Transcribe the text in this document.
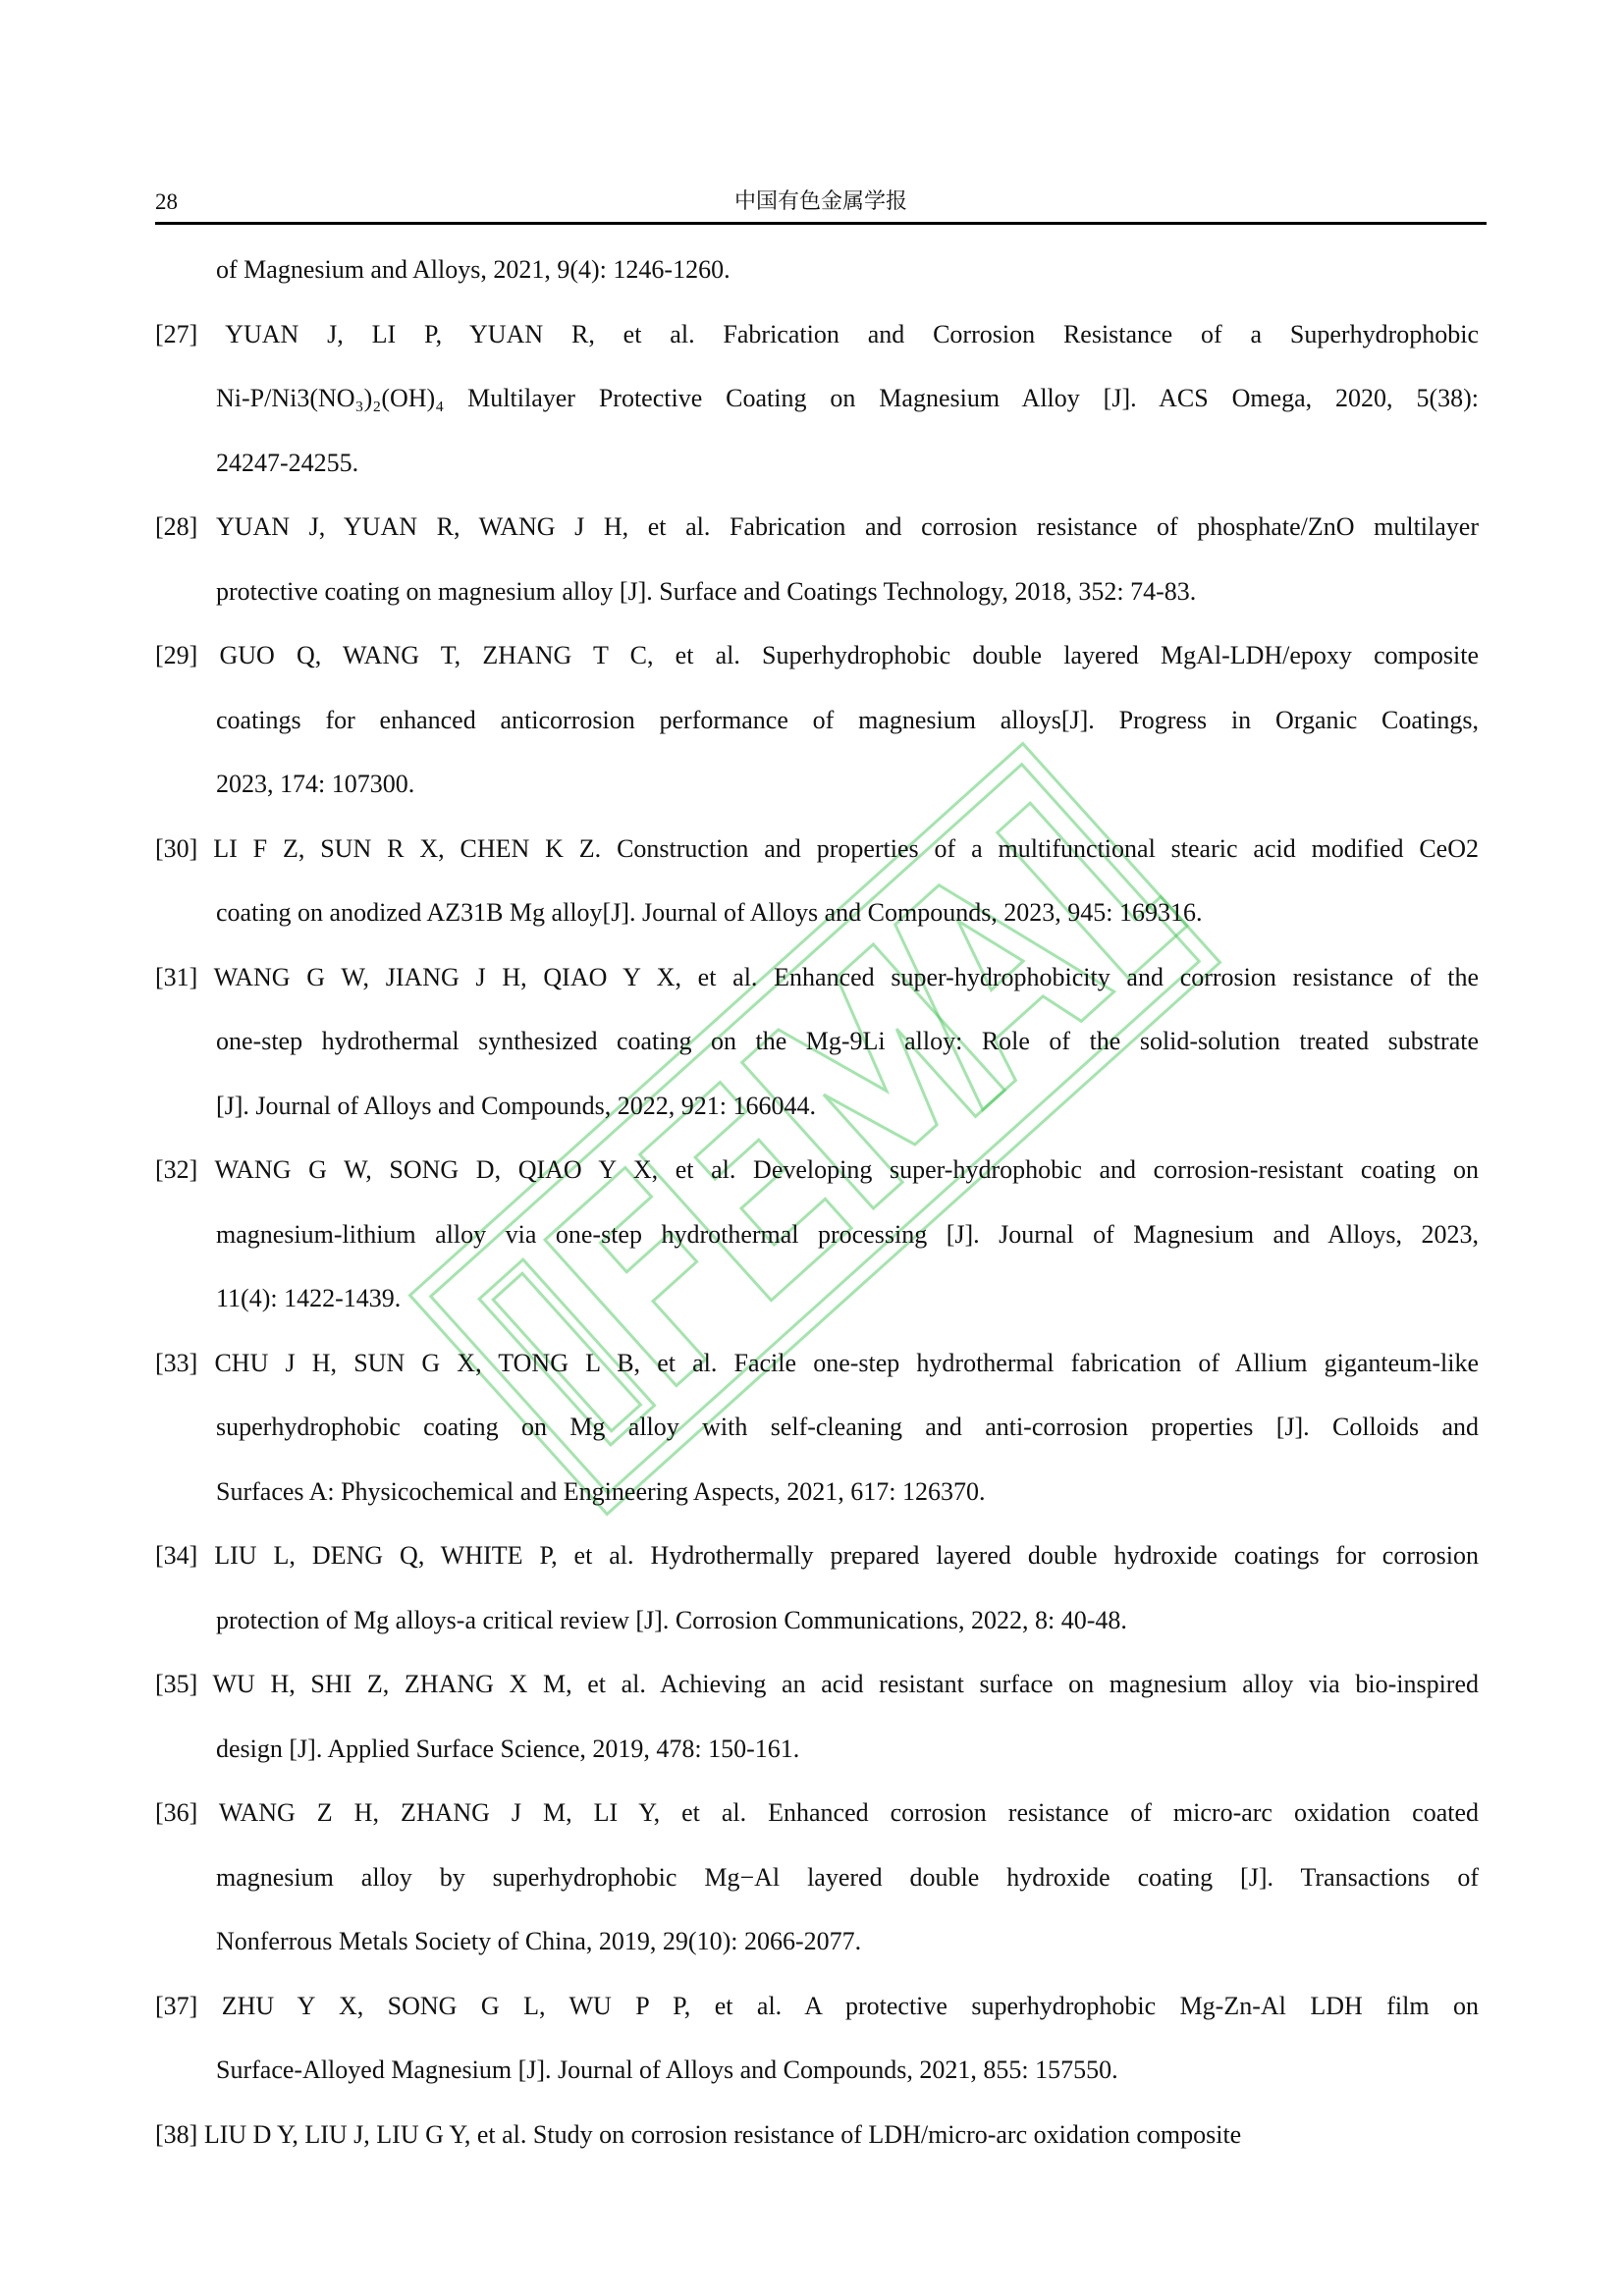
28	中国有色金属学报
of Magnesium and Alloys, 2021, 9(4): 1246-1260.
[27] YUAN J, LI P, YUAN R, et al. Fabrication and Corrosion Resistance of a Superhydrophobic
Ni-P/Ni3(NO₃)₂(OH)₄ Multilayer Protective Coating on Magnesium Alloy [J]. ACS Omega, 2020, 5(38):
24247-24255.
[28] YUAN J, YUAN R, WANG J H, et al. Fabrication and corrosion resistance of phosphate/ZnO multilayer
protective coating on magnesium alloy [J]. Surface and Coatings Technology, 2018, 352: 74-83.
[29] GUO Q, WANG T, ZHANG T C, et al. Superhydrophobic double layered MgAl-LDH/epoxy composite
coatings for enhanced anticorrosion performance of magnesium alloys[J]. Progress in Organic Coatings,
2023, 174: 107300.
[30] LI F Z, SUN R X, CHEN K Z. Construction and properties of a multifunctional stearic acid modified CeO2
coating on anodized AZ31B Mg alloy[J]. Journal of Alloys and Compounds, 2023, 945: 169316.
[31] WANG G W, JIANG J H, QIAO Y X, et al. Enhanced super-hydrophobicity and corrosion resistance of the
one-step hydrothermal synthesized coating on the Mg-9Li alloy: Role of the solid-solution treated substrate
[J]. Journal of Alloys and Compounds, 2022, 921: 166044.
[32] WANG G W, SONG D, QIAO Y X, et al. Developing super-hydrophobic and corrosion-resistant coating on
magnesium-lithium alloy via one-step hydrothermal processing [J]. Journal of Magnesium and Alloys, 2023,
11(4): 1422-1439.
[33] CHU J H, SUN G X, TONG L B, et al. Facile one-step hydrothermal fabrication of Allium giganteum-like
superhydrophobic coating on Mg alloy with self-cleaning and anti-corrosion properties [J]. Colloids and
Surfaces A: Physicochemical and Engineering Aspects, 2021, 617: 126370.
[34] LIU L, DENG Q, WHITE P, et al. Hydrothermally prepared layered double hydroxide coatings for corrosion
protection of Mg alloys-a critical review [J]. Corrosion Communications, 2022, 8: 40-48.
[35] WU H, SHI Z, ZHANG X M, et al. Achieving an acid resistant surface on magnesium alloy via bio-inspired
design [J]. Applied Surface Science, 2019, 478: 150-161.
[36] WANG Z H, ZHANG J M, LI Y, et al. Enhanced corrosion resistance of micro-arc oxidation coated
magnesium alloy by superhydrophobic Mg−Al layered double hydroxide coating [J]. Transactions of
Nonferrous Metals Society of China, 2019, 29(10): 2066-2077.
[37] ZHU Y X, SONG G L, WU P P, et al. A protective superhydrophobic Mg-Zn-Al LDH film on
Surface-Alloyed Magnesium [J]. Journal of Alloys and Compounds, 2021, 855: 157550.
[38] LIU D Y, LIU J, LIU G Y, et al. Study on corrosion resistance of LDH/micro-arc oxidation composite
